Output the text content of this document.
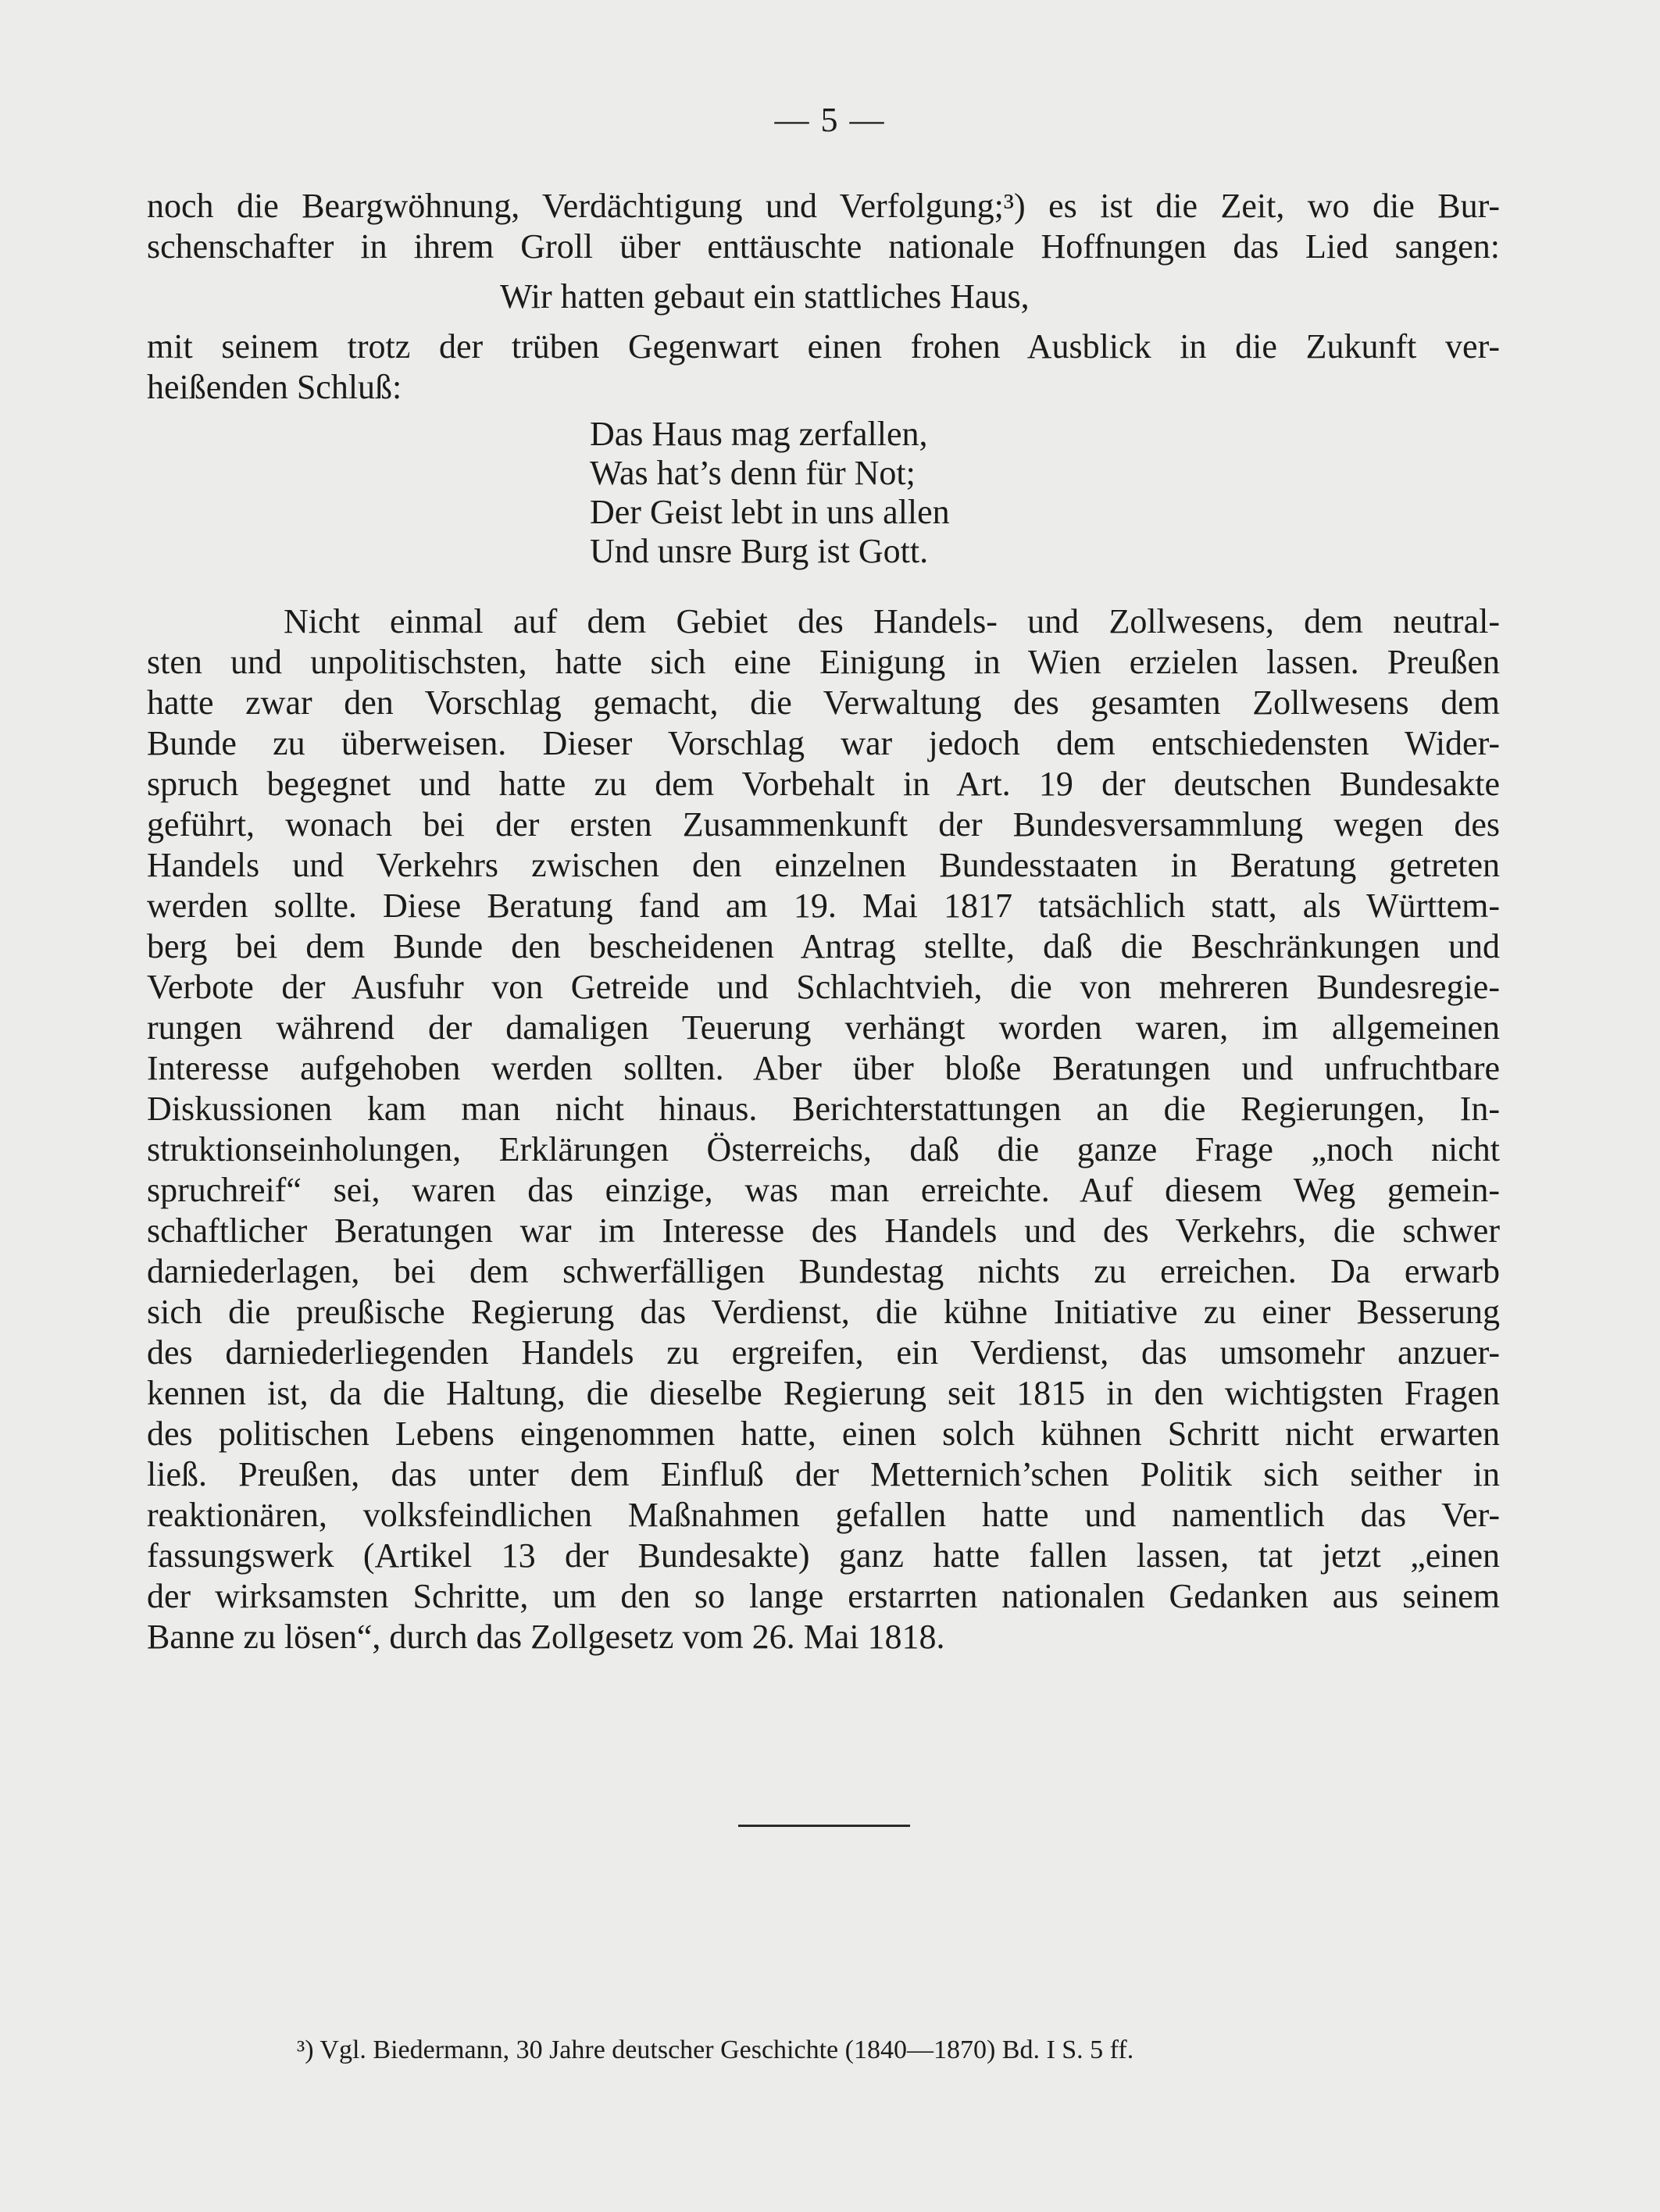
— 5 —
noch die Beargwöhnung, Verdächtigung und Verfolgung;³) es ist die Zeit, wo die Bur-
schenschafter in ihrem Groll über enttäuschte nationale Hoffnungen das Lied sangen:
Wir hatten gebaut ein stattliches Haus,
mit seinem trotz der trüben Gegenwart einen frohen Ausblick in die Zukunft ver-
heißenden Schluß:
Das Haus mag zerfallen,
Was hat’s denn für Not;
Der Geist lebt in uns allen
Und unsre Burg ist Gott.
Nicht einmal auf dem Gebiet des Handels- und Zollwesens, dem neutral-
sten und unpolitischsten, hatte sich eine Einigung in Wien erzielen lassen. Preußen
hatte zwar den Vorschlag gemacht, die Verwaltung des gesamten Zollwesens dem
Bunde zu überweisen. Dieser Vorschlag war jedoch dem entschiedensten Wider-
spruch begegnet und hatte zu dem Vorbehalt in Art. 19 der deutschen Bundesakte
geführt, wonach bei der ersten Zusammenkunft der Bundesversammlung wegen des
Handels und Verkehrs zwischen den einzelnen Bundesstaaten in Beratung getreten
werden sollte. Diese Beratung fand am 19. Mai 1817 tatsächlich statt, als Württem-
berg bei dem Bunde den bescheidenen Antrag stellte, daß die Beschränkungen und
Verbote der Ausfuhr von Getreide und Schlachtvieh, die von mehreren Bundesregie-
rungen während der damaligen Teuerung verhängt worden waren, im allgemeinen
Interesse aufgehoben werden sollten. Aber über bloße Beratungen und unfruchtbare
Diskussionen kam man nicht hinaus. Berichterstattungen an die Regierungen, In-
struktionseinholungen, Erklärungen Österreichs, daß die ganze Frage „noch nicht
spruchreif“ sei, waren das einzige, was man erreichte. Auf diesem Weg gemein-
schaftlicher Beratungen war im Interesse des Handels und des Verkehrs, die schwer
darniederlagen, bei dem schwerfälligen Bundestag nichts zu erreichen. Da erwarb
sich die preußische Regierung das Verdienst, die kühne Initiative zu einer Besserung
des darniederliegenden Handels zu ergreifen, ein Verdienst, das umsomehr anzuer-
kennen ist, da die Haltung, die dieselbe Regierung seit 1815 in den wichtigsten Fragen
des politischen Lebens eingenommen hatte, einen solch kühnen Schritt nicht erwarten
ließ. Preußen, das unter dem Einfluß der Metternich’schen Politik sich seither in
reaktionären, volksfeindlichen Maßnahmen gefallen hatte und namentlich das Ver-
fassungswerk (Artikel 13 der Bundesakte) ganz hatte fallen lassen, tat jetzt „einen
der wirksamsten Schritte, um den so lange erstarrten nationalen Gedanken aus seinem
Banne zu lösen“, durch das Zollgesetz vom 26. Mai 1818.
³) Vgl. Biedermann, 30 Jahre deutscher Geschichte (1840—1870) Bd. I S. 5 ff.
